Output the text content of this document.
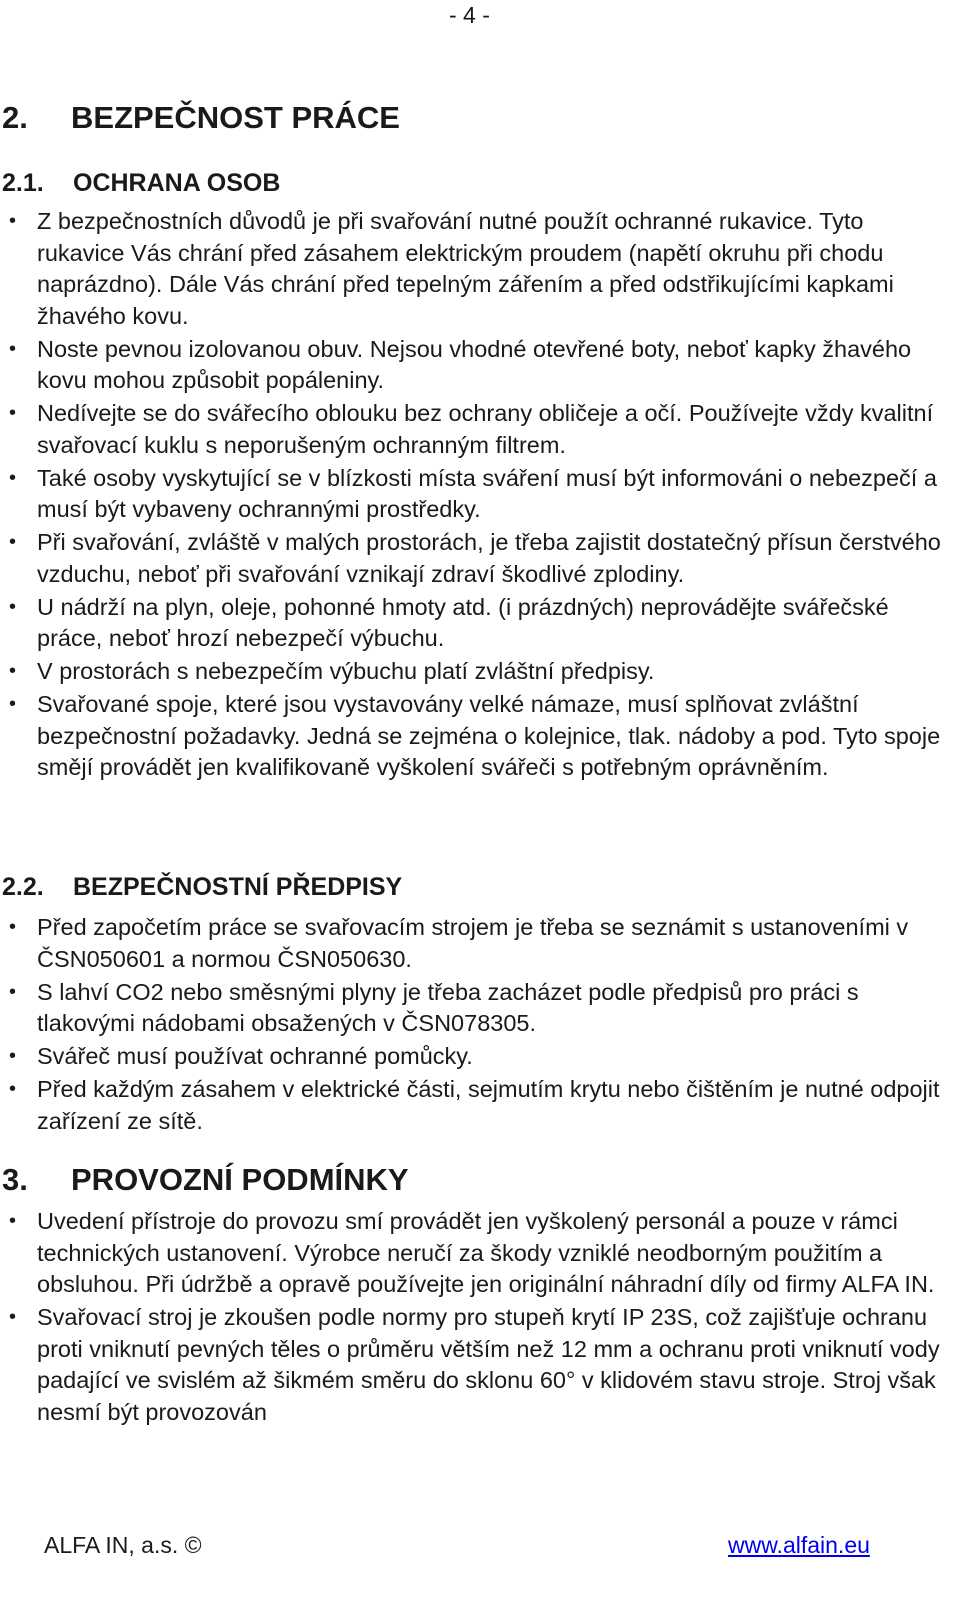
- 4 -
2. BEZPEČNOST PRÁCE
2.1. OCHRANA OSOB
• Z bezpečnostních důvodů je při svařování nutné použít ochranné rukavice. Tyto rukavice Vás chrání před zásahem elektrickým proudem (napětí okruhu při chodu naprázdno). Dále Vás chrání před tepelným zářením a před odstřikujícími kapkami žhavého kovu.
• Noste pevnou izolovanou obuv. Nejsou vhodné otevřené boty, neboť kapky žhavého kovu mohou způsobit popáleniny.
• Nedívejte se do svářecího oblouku bez ochrany obličeje a očí. Používejte vždy kvalitní svařovací kuklu s neporušeným ochranným filtrem.
• Také osoby vyskytující se v blízkosti místa sváření musí být informováni o nebezpečí a musí být vybaveny ochrannými prostředky.
• Při svařování, zvláště v malých prostorách, je třeba zajistit dostatečný přísun čerstvého vzduchu, neboť při svařování vznikají zdraví škodlivé zplodiny.
• U nádrží na plyn, oleje, pohonné hmoty atd. (i prázdných) neprovádějte svářečské práce, neboť hrozí nebezpečí výbuchu.
• V prostorách s nebezpečím výbuchu platí zvláštní předpisy.
• Svařované spoje, které jsou vystavovány velké námaze, musí splňovat zvláštní bezpečnostní požadavky. Jedná se zejména o kolejnice, tlak. nádoby a pod. Tyto spoje smějí provádět jen kvalifikovaně vyškolení svářeči s potřebným oprávněním.
2.2. BEZPEČNOSTNÍ PŘEDPISY
• Před započetím práce se svařovacím strojem je třeba se seznámit s ustanoveními v ČSN050601 a normou ČSN050630.
• S lahví CO2 nebo směsnými plyny je třeba zacházet podle předpisů pro práci s tlakovými nádobami obsažených v ČSN078305.
• Svářeč musí používat ochranné pomůcky.
• Před každým zásahem v elektrické části, sejmutím krytu nebo čištěním je nutné odpojit zařízení ze sítě.
3. PROVOZNÍ PODMÍNKY
• Uvedení přístroje do provozu smí provádět jen vyškolený personál a pouze v rámci technických ustanovení. Výrobce neručí za škody vzniklé neodborným použitím a obsluhou. Při údržbě a opravě používejte jen originální náhradní díly od firmy ALFA IN.
• Svařovací stroj je zkoušen podle normy pro stupeň krytí IP 23S, což zajišťuje ochranu proti vniknutí pevných těles o průměru větším než 12 mm a ochranu proti vniknutí vody padající ve svislém až šikmém směru do sklonu 60° v klidovém stavu stroje. Stroj však nesmí být provozován
ALFA IN, a.s. ©	www.alfain.eu
